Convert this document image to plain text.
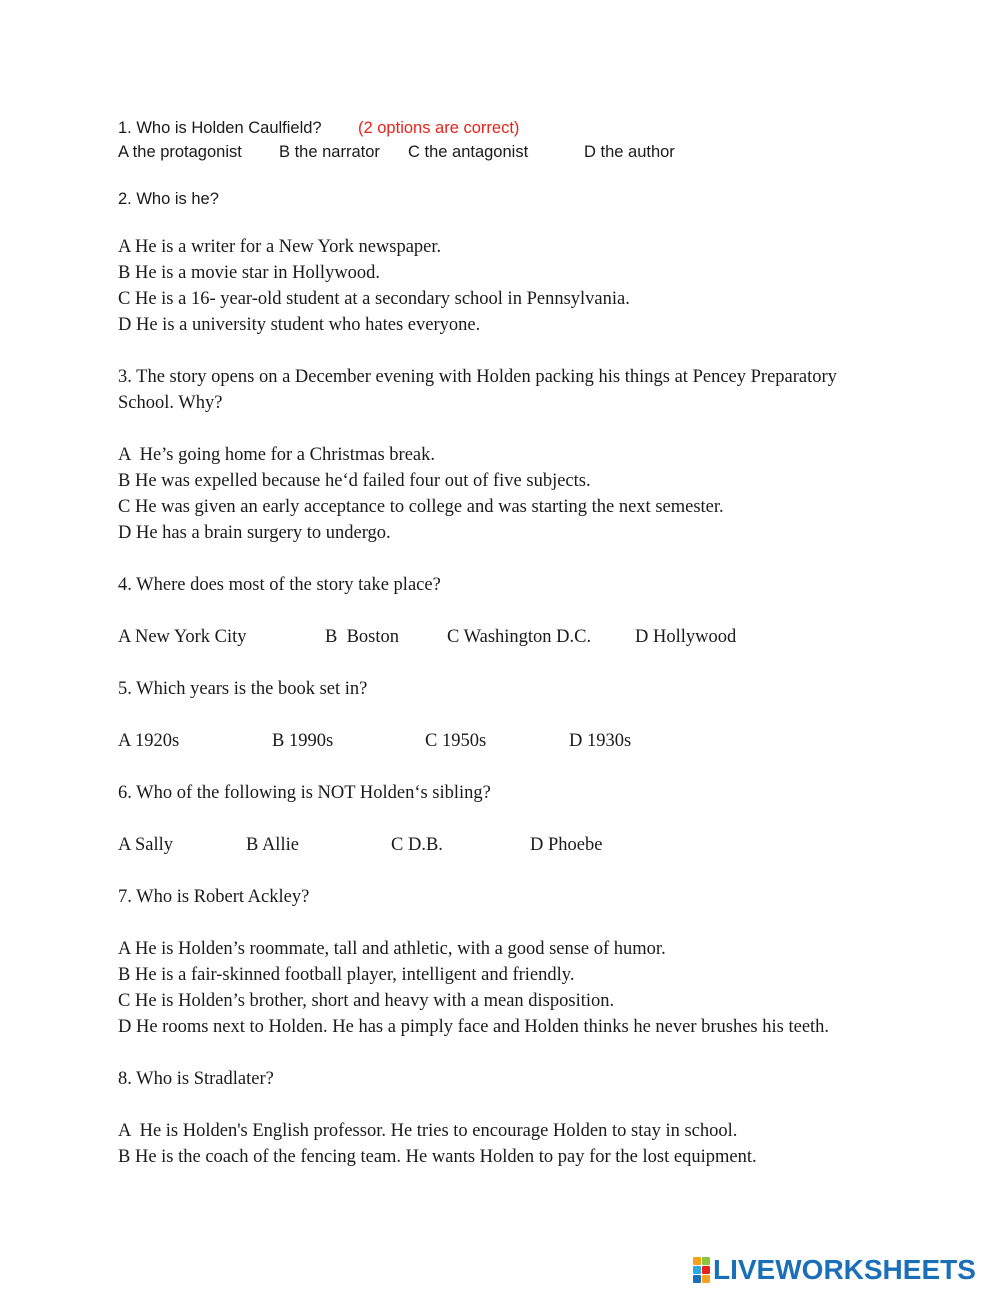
1. Who is Holden Caulfield? (2 options are correct)
A the protagonist B the narrator C the antagonist	D the author
2. Who is he?
A He is a writer for a New York newspaper.
B He is a movie star in Hollywood.
C He is a 16- year-old student at a secondary school in Pennsylvania.
D He is a university student who hates everyone.
3. The story opens on a December evening with Holden packing his things at Pencey Preparatory
School. Why?
A  He’s going home for a Christmas break.
B He was expelled because he‘d failed four out of five subjects.
C He was given an early acceptance to college and was starting the next semester.
D He has a brain surgery to undergo.
4. Where does most of the story take place?
A New York City	B  Boston	C Washington D.C. D Hollywood
5. Which years is the book set in?
A 1920s	B 1990s	C 1950s	D 1930s
6. Who of the following is NOT Holden‘s sibling?
A Sally	B Allie	C D.B.	D Phoebe
7. Who is Robert Ackley?
A He is Holden’s roommate, tall and athletic, with a good sense of humor.
B He is a fair-skinned football player, intelligent and friendly.
C He is Holden’s brother, short and heavy with a mean disposition.
D He rooms next to Holden. He has a pimply face and Holden thinks he never brushes his teeth.
8. Who is Stradlater?
A  He is Holden's English professor. He tries to encourage Holden to stay in school.
B He is the coach of the fencing team. He wants Holden to pay for the lost equipment.
LIVEWORKSHEETS
